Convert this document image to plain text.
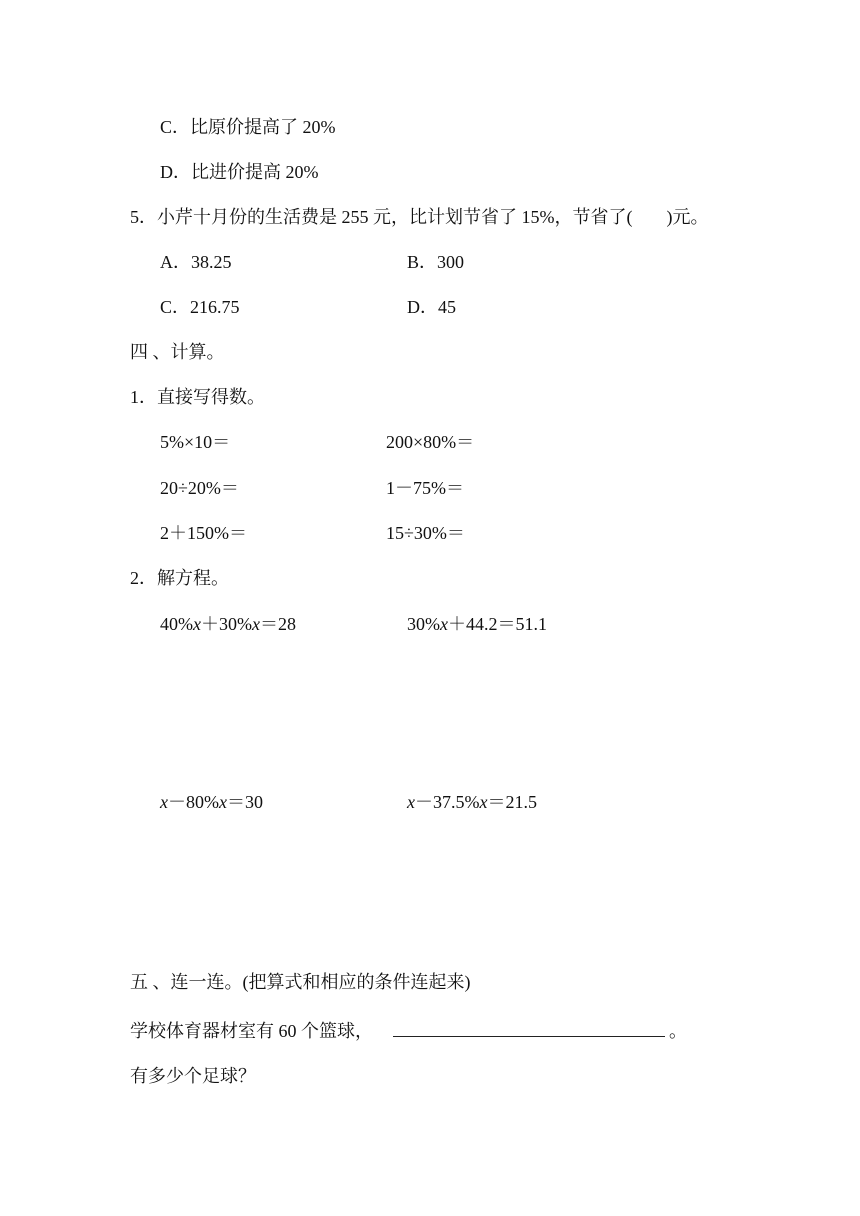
C．比原价提高了 20%
D．比进价提高 20%
5．小芹十月份的生活费是 255 元，比计划节省了 15%，节省了( )元。
A．38.25	B．300
C．216.75	D．45
四 、计算。
1．直接写得数。
5%×10＝	200×80%＝
20÷20%＝	1－75%＝
2＋150%＝	15÷30%＝
2．解方程。
40%x＋30%x＝28	30%x＋44.2＝51.1
x－80%x＝30	x－37.5%x＝21.5
五 、连一连。(把算式和相应的条件连起来)
学校体育器材室有 60 个篮球，	。
有多少个足球？
